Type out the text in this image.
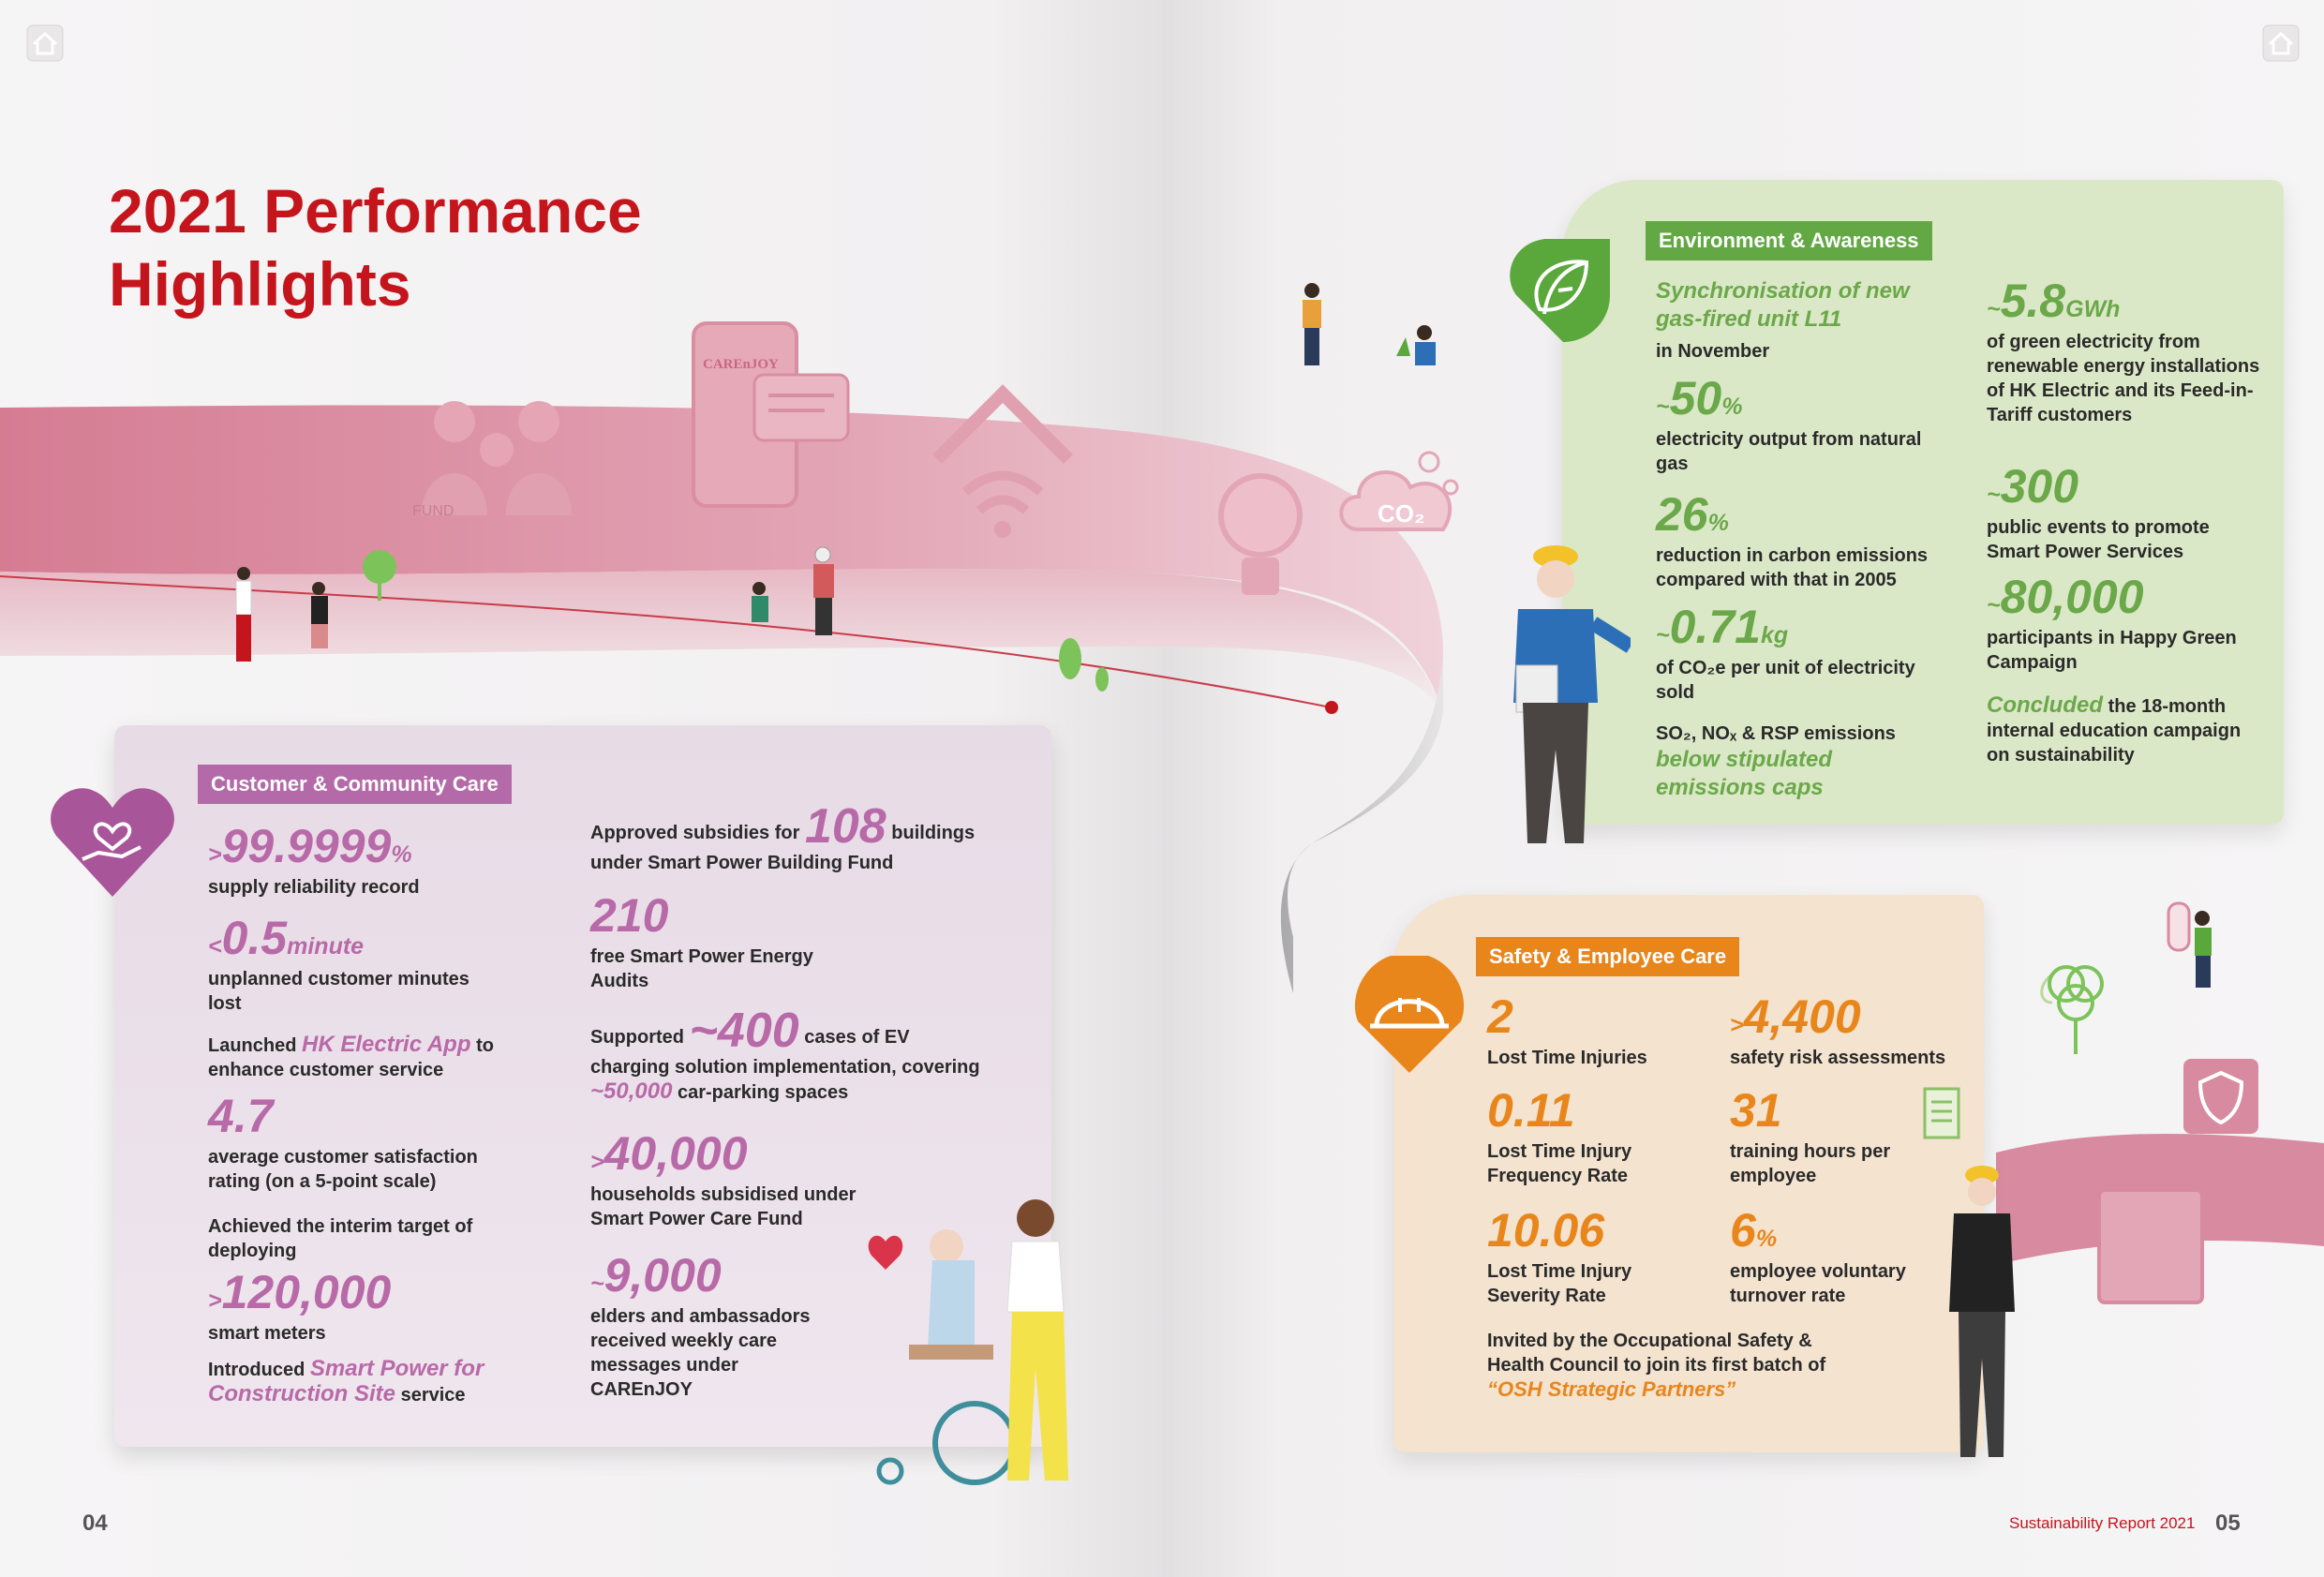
FUND
CAREnJOY
CO₂
2021 Performance
Highlights
Customer & Community Care
>99.9999%
supply reliability record
<0.5minute
unplanned customer minutes lost
Launched HK Electric App to enhance customer service
4.7
average customer satisfaction rating (on a 5-point scale)
Achieved the interim target of deploying
>120,000
smart meters
Introduced Smart Power for Construction Site service
Approved subsidies for 108 buildings
under Smart Power Building Fund
210
free Smart Power Energy Audits
Supported ~400 cases of EV
charging solution implementation, covering
~50,000 car-parking spaces
>40,000
households subsidised under Smart Power Care Fund
~9,000
elders and ambassadors received weekly care messages under CAREnJOY
Environment & Awareness
Synchronisation of new gas-fired unit L11
in November
~50%
electricity output from natural gas
26%
reduction in carbon emissions compared with that in 2005
~0.71kg
of CO₂e per unit of electricity sold
SO₂, NOₓ & RSP emissions
below stipulated emissions caps
~5.8GWh
of green electricity from renewable energy installations of HK Electric and its Feed-in-Tariff customers
~300
public events to promote Smart Power Services
~80,000
participants in Happy Green Campaign
Concluded the 18-month internal education campaign on sustainability
Safety & Employee Care
2
Lost Time Injuries
0.11
Lost Time Injury Frequency Rate
10.06
Lost Time Injury Severity Rate
>4,400
safety risk assessments
31
training hours per employee
6%
employee voluntary turnover rate
Invited by the Occupational Safety & Health Council to join its first batch of
“OSH Strategic Partners”
04	Sustainability Report 2021 05
